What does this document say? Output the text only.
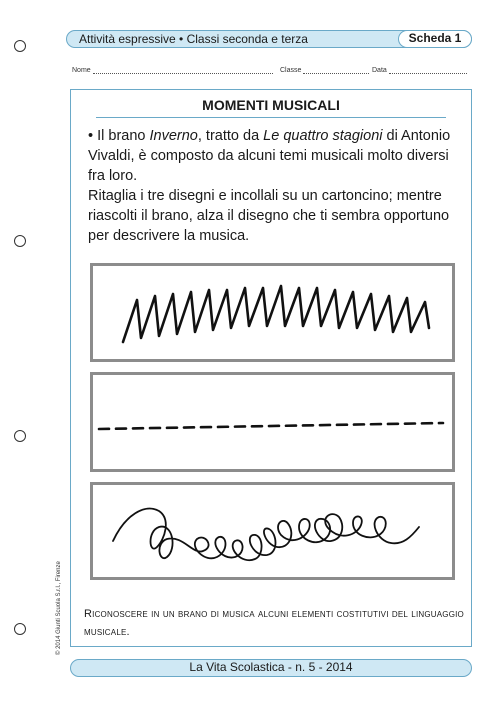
Attività espressive • Classi seconda e terza	Scheda 1
Nome	Classe	Data
MOMENTI MUSICALI
• Il brano Inverno, tratto da Le quattro stagioni di Antonio Vivaldi, è composto da alcuni temi musicali molto diversi fra loro.
Ritaglia i tre disegni e incollali su un cartoncino; mentre riascolti il brano, alza il disegno che ti sembra opportuno per descrivere la musica.
Riconoscere in un brano di musica alcuni elementi costitutivi del linguaggio musicale.
La Vita Scolastica - n. 5 - 2014
© 2014 Giunti Scuola S.r.l., Firenze
